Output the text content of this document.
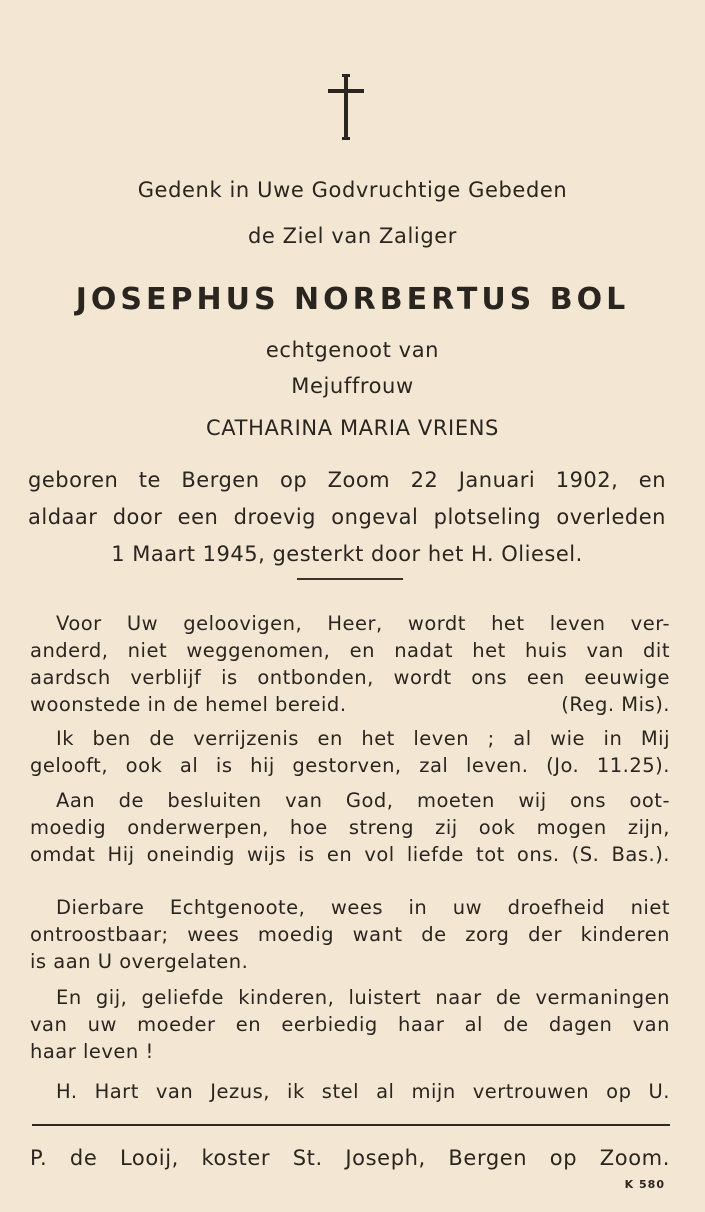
Gedenk in Uwe Godvruchtige Gebeden
de Ziel van Zaliger
JOSEPHUS NORBERTUS BOL
echtgenoot van
Mejuffrouw
CATHARINA MARIA VRIENS
geboren te Bergen op Zoom 22 Januari 1902, en
aldaar door een droevig ongeval plotseling overleden
1 Maart 1945, gesterkt door het H. Oliesel.
Voor Uw geloovigen, Heer, wordt het leven ver-
anderd, niet weggenomen, en nadat het huis van dit
aardsch verblijf is ontbonden, wordt ons een eeuwige
woonstede in de hemel bereid.	(Reg. Mis).
Ik ben de verrijzenis en het leven ; al wie in Mij
gelooft, ook al is hij gestorven, zal leven. (Jo. 11.25).
Aan de besluiten van God, moeten wij ons oot-
moedig onderwerpen, hoe streng zij ook mogen zijn,
omdat Hij oneindig wijs is en vol liefde tot ons. (S. Bas.).
Dierbare Echtgenoote, wees in uw droefheid niet
ontroostbaar; wees moedig want de zorg der kinderen
is aan U overgelaten.
En gij, geliefde kinderen, luistert naar de vermaningen
van uw moeder en eerbiedig haar al de dagen van
haar leven !
H. Hart van Jezus, ik stel al mijn vertrouwen op U.
P. de Looij, koster St. Joseph, Bergen op Zoom.
K 580
